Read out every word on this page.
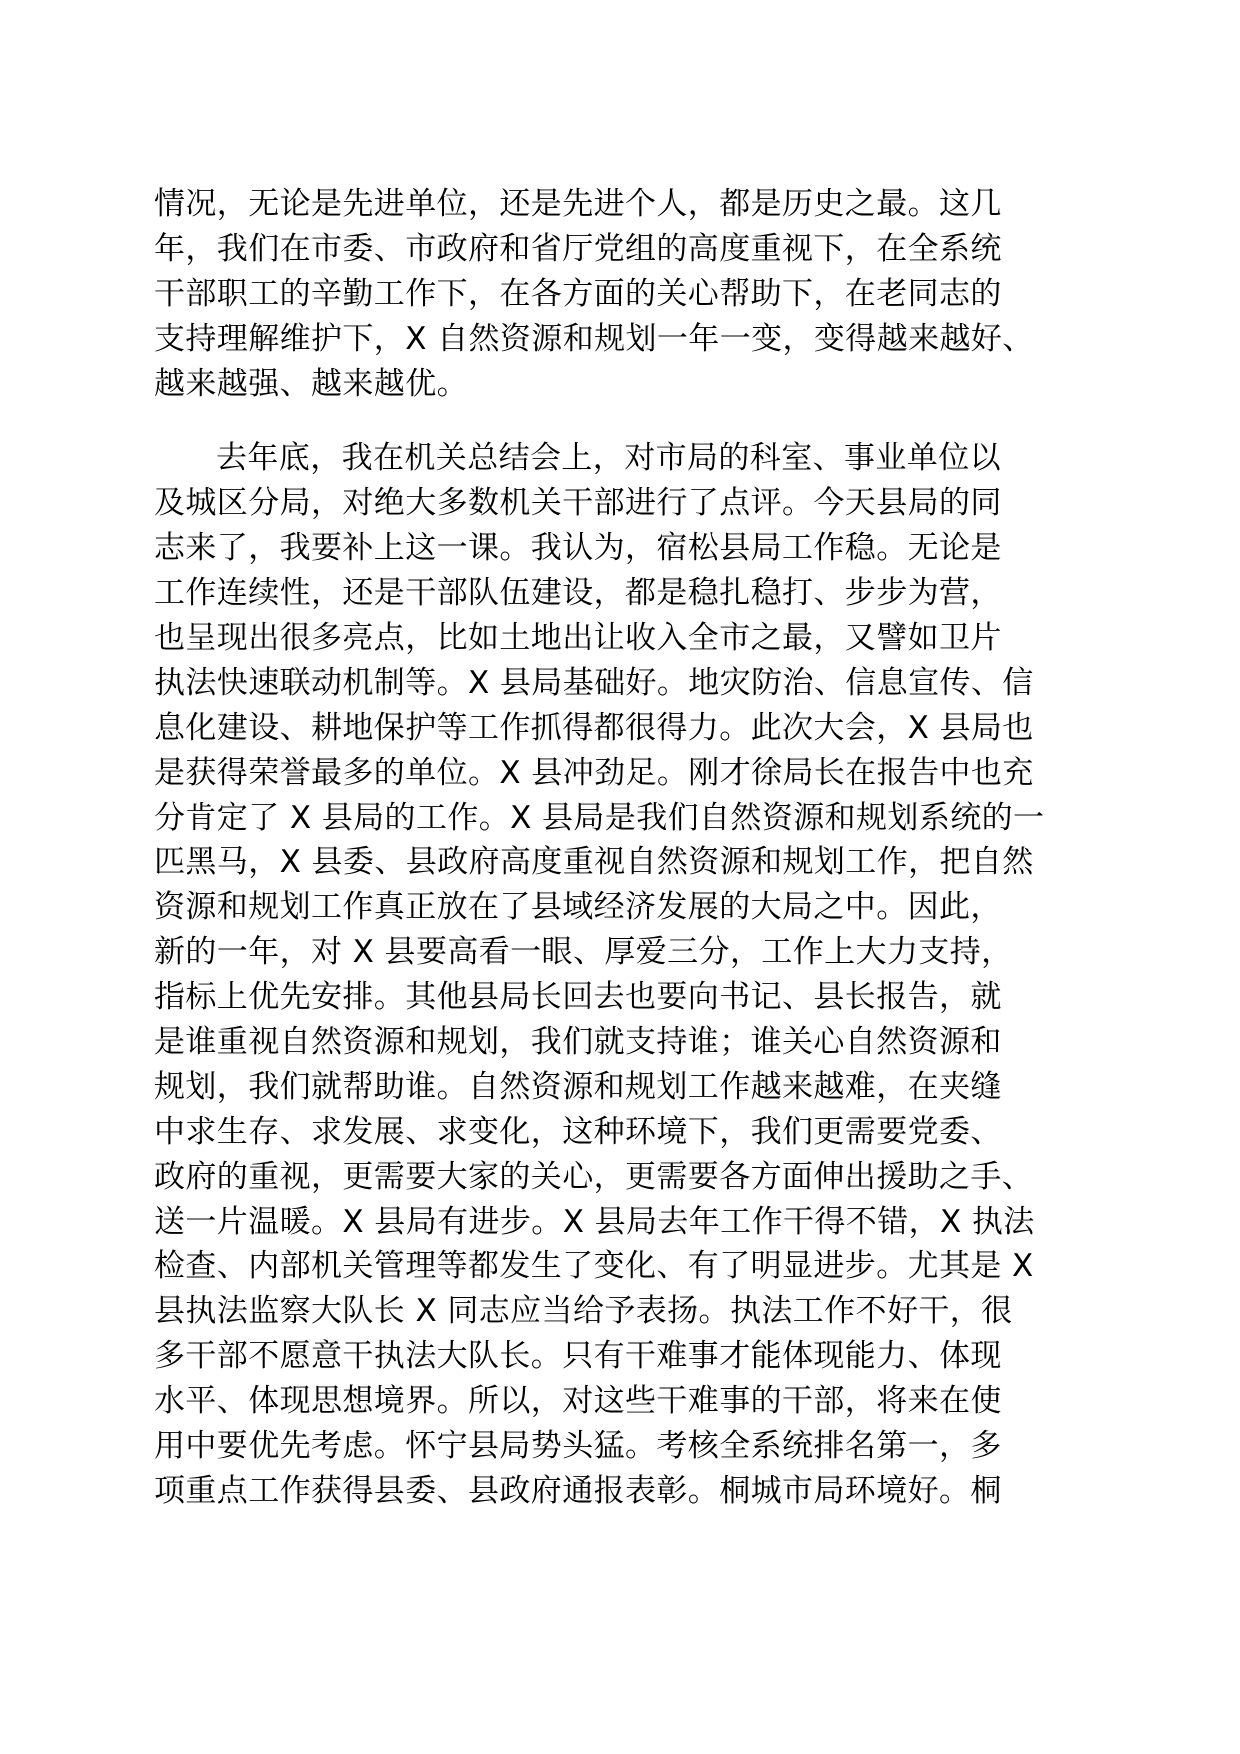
情况，无论是先进单位，还是先进个人，都是历史之最。这几
年，我们在市委、市政府和省厅党组的高度重视下，在全系统
干部职工的辛勤工作下，在各方面的关心帮助下，在老同志的
支持理解维护下，X 自然资源和规划一年一变，变得越来越好、
越来越强、越来越优。
去年底，我在机关总结会上，对市局的科室、事业单位以
及城区分局，对绝大多数机关干部进行了点评。今天县局的同
志来了，我要补上这一课。我认为，宿松县局工作稳。无论是
工作连续性，还是干部队伍建设，都是稳扎稳打、步步为营，
也呈现出很多亮点，比如土地出让收入全市之最，又譬如卫片
执法快速联动机制等。X 县局基础好。地灾防治、信息宣传、信
息化建设、耕地保护等工作抓得都很得力。此次大会，X 县局也
是获得荣誉最多的单位。X 县冲劲足。刚才徐局长在报告中也充
分肯定了 X 县局的工作。X 县局是我们自然资源和规划系统的一
匹黑马，X 县委、县政府高度重视自然资源和规划工作，把自然
资源和规划工作真正放在了县域经济发展的大局之中。因此，
新的一年，对 X 县要高看一眼、厚爱三分，工作上大力支持，
指标上优先安排。其他县局长回去也要向书记、县长报告，就
是谁重视自然资源和规划，我们就支持谁；谁关心自然资源和
规划，我们就帮助谁。自然资源和规划工作越来越难，在夹缝
中求生存、求发展、求变化，这种环境下，我们更需要党委、
政府的重视，更需要大家的关心，更需要各方面伸出援助之手、
送一片温暖。X 县局有进步。X 县局去年工作干得不错，X 执法
检查、内部机关管理等都发生了变化、有了明显进步。尤其是 X
县执法监察大队长 X 同志应当给予表扬。执法工作不好干，很
多干部不愿意干执法大队长。只有干难事才能体现能力、体现
水平、体现思想境界。所以，对这些干难事的干部，将来在使
用中要优先考虑。怀宁县局势头猛。考核全系统排名第一，多
项重点工作获得县委、县政府通报表彰。桐城市局环境好。桐
